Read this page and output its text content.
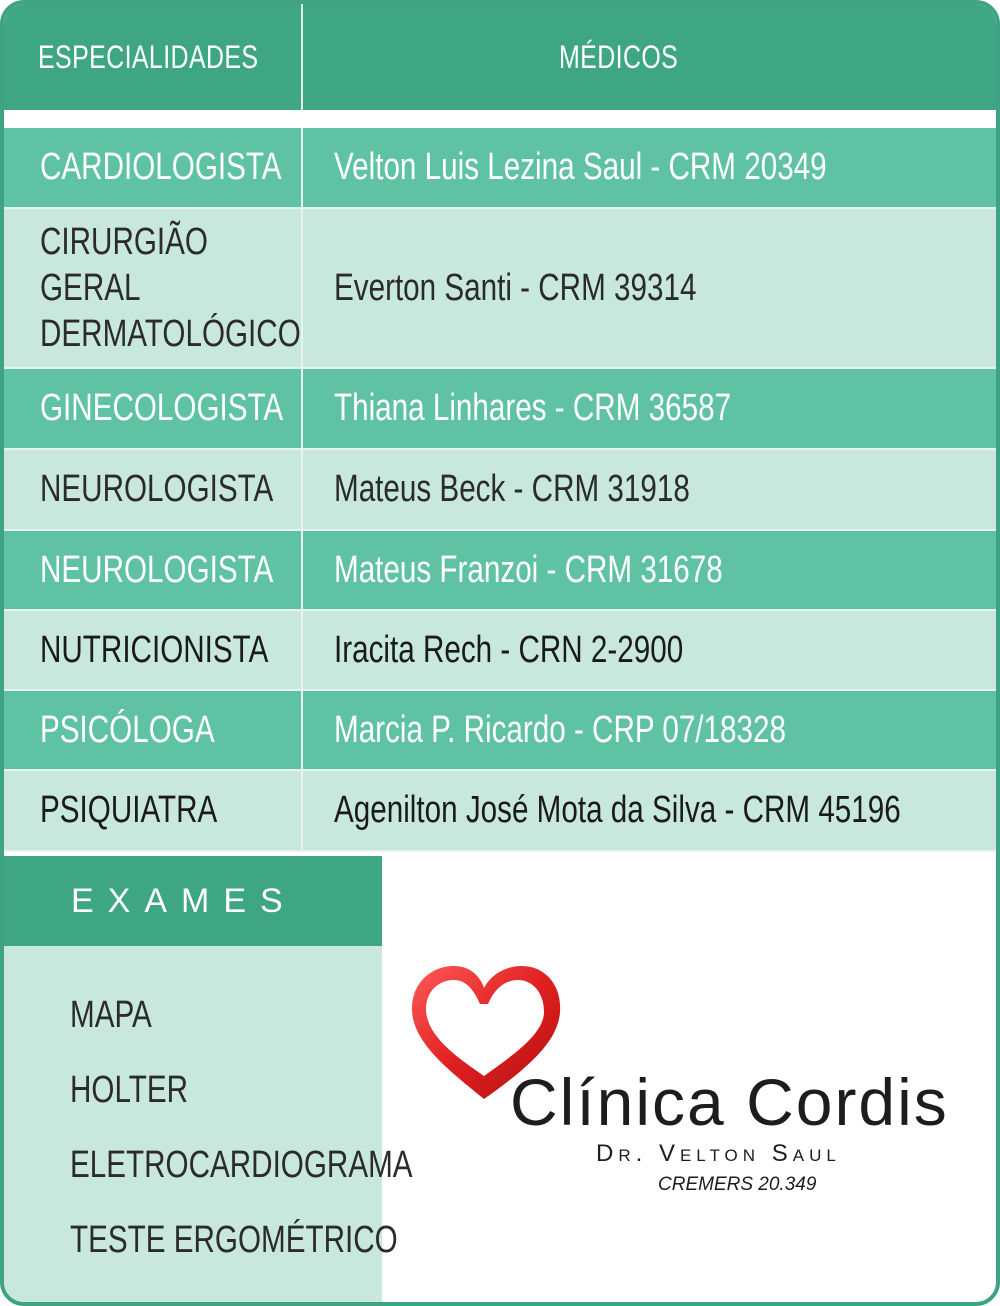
ESPECIALIDADES	MÉDICOS
CARDIOLOGISTA Velton Luis Lezina Saul - CRM 20349
CIRURGIÃO GERAL DERMATOLÓGICO
Everton Santi - CRM 39314
GINECOLOGISTA Thiana Linhares - CRM 36587
NEUROLOGISTA Mateus Beck - CRM 31918
NEUROLOGISTA Mateus Franzoi - CRM 31678
NUTRICIONISTA Iracita Rech - CRN 2-2900
PSICÓLOGA	Marcia P. Ricardo - CRP 07/18328
PSIQUIATRA	Agenilton José Mota da Silva - CRM 45196
EXAMES
MAPA
HOLTER
ELETROCARDIOGRAMA
TESTE ERGOMÉTRICO
Clínica Cordis
Dr. Velton Saul
CREMERS 20.349
